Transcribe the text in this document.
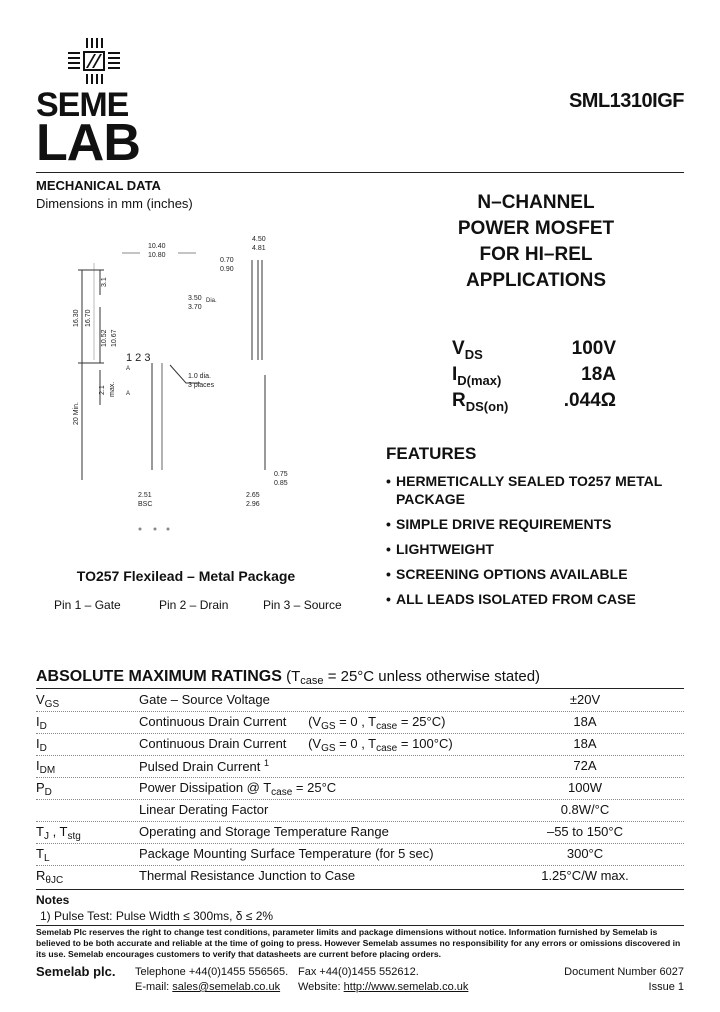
SEME
LAB
SML1310IGF
MECHANICAL DATA
Dimensions in mm (inches)	N–CHANNEL
POWER MOSFET
FOR HI–REL
APPLICATIONS
$V_{DS}$	100V
$I_{D(max)}$	18A
$R_{DS(on)}$	.044Ω
FEATURES
• HERMETICALLY SEALED TO257 METAL PACKAGE
• SIMPLE DRIVE REQUIREMENTS
• LIGHTWEIGHT
• SCREENING OPTIONS AVAILABLE
• ALL LEADS ISOLATED FROM CASE
10.40
10.80
4.50
4.81
0.70
0.90
3.50 Dia.
3.70
16.30 16.70
10.52 10.67
3.1
2.1 max.
20 Min.
1 2 3
A
A
1.0 dia.
3 places
2.51
BSC
2.65
2.96
0.75
0.85
TO257 Flexilead – Metal Package
Pin 1 – Gate	Pin 2 – Drain	Pin 3 – Source
ABSOLUTE MAXIMUM RATINGS ($T_{case} = 25^\circ C$ unless otherwise stated)
$V_{GS}$	Gate – Source Voltage	±20V
$I_D$	Continuous Drain Current      ($V_{GS} = 0$ , $T_{case} = 25^\circ C$)	18A
$I_D$	Continuous Drain Current      ($V_{GS} = 0$ , $T_{case} = 100^\circ C$)	18A
$I_{DM}$	Pulsed Drain Current $^1$	72A
$P_D$	Power Dissipation @ $T_{case} = 25^\circ C$	100W
Linear Derating Factor	0.8W/°C
$T_J$ , $T_{stg}$	Operating and Storage Temperature Range	–55 to 150°C
$T_L$	Package Mounting Surface Temperature (for 5 sec)	300°C
$R_{\theta JC}$	Thermal Resistance Junction to Case	1.25°C/W max.
Notes
1) Pulse Test: Pulse Width ≤ 300ms, δ ≤ 2%
Semelab Plc reserves the right to change test conditions, parameter limits and package dimensions without notice. Information furnished by Semelab is believed to be both accurate and reliable at the time of going to press. However Semelab assumes no responsibility for any errors or omissions discovered in its use. Semelab encourages customers to verify that datasheets are current before placing orders.
Semelab plc. Telephone +44(0)1455 556565. Fax +44(0)1455 552612.
E-mail: sales@semelab.co.uk Website: http://www.semelab.co.uk
Document Number 6027
Issue 1
